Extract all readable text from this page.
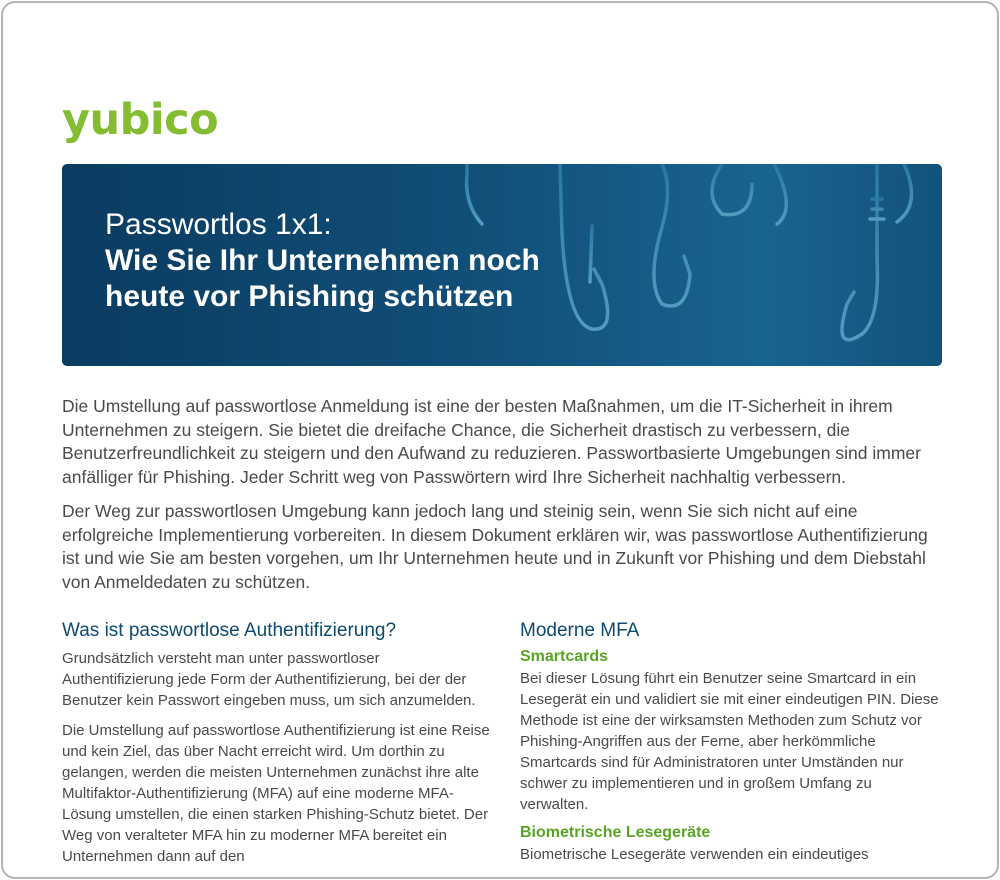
yubico
Passwortlos 1x1:
Wie Sie Ihr Unternehmen noch
heute vor Phishing schützen

Die Umstellung auf passwortlose Anmeldung ist eine der besten Maßnahmen, um die IT-Sicherheit in ihrem Unternehmen zu steigern. Sie bietet die dreifache Chance, die Sicherheit drastisch zu verbessern, die Benutzerfreundlichkeit zu steigern und den Aufwand zu reduzieren. Passwortbasierte Umgebungen sind immer anfälliger für Phishing. Jeder Schritt weg von Passwörtern wird Ihre Sicherheit nachhaltig verbessern.

Der Weg zur passwortlosen Umgebung kann jedoch lang und steinig sein, wenn Sie sich nicht auf eine erfolgreiche Implementierung vorbereiten. In diesem Dokument erklären wir, was passwortlose Authentifizierung ist und wie Sie am besten vorgehen, um Ihr Unternehmen heute und in Zukunft vor Phishing und dem Diebstahl von Anmeldedaten zu schützen.

Was ist passwortlose Authentifizierung?

Grundsätzlich versteht man unter passwortloser Authentifizierung jede Form der Authentifizierung, bei der der Benutzer kein Passwort eingeben muss, um sich anzumelden.

Die Umstellung auf passwortlose Authentifizierung ist eine Reise und kein Ziel, das über Nacht erreicht wird. Um dorthin zu gelangen, werden die meisten Unternehmen zunächst ihre alte Multifaktor-Authentifizierung (MFA) auf eine moderne MFA-Lösung umstellen, die einen starken Phishing-Schutz bietet. Der Weg von veralteter MFA hin zu moderner MFA bereitet ein Unternehmen dann auf den

Moderne MFA
Smartcards

Bei dieser Lösung führt ein Benutzer seine Smartcard in ein Lesegerät ein und validiert sie mit einer eindeutigen PIN. Diese Methode ist eine der wirksamsten Methoden zum Schutz vor Phishing-Angriffen aus der Ferne, aber herkömmliche Smartcards sind für Administratoren unter Umständen nur schwer zu implementieren und in großem Umfang zu verwalten.

Biometrische Lesegeräte

Biometrische Lesegeräte verwenden ein eindeutiges
